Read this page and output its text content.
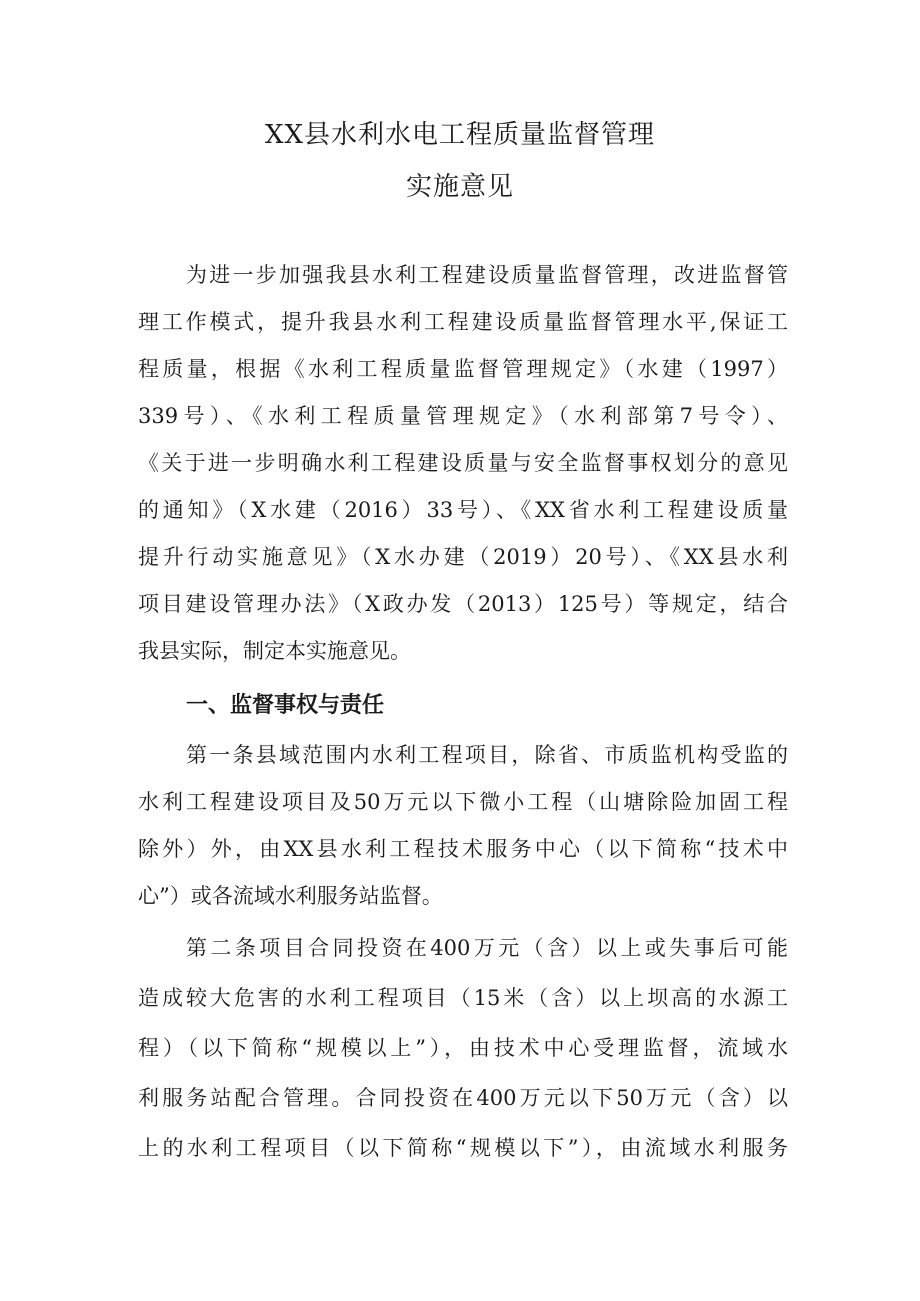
XX县水利水电工程质量监督管理
实施意见
为进一步加强我县水利工程建设质量监督管理，改进监督管
理工作模式，提升我县水利工程建设质量监督管理水平,保证工
程质量，根据《水利工程质量监督管理规定》（水建（1997）
339号）、《水利工程质量管理规定》（水利部第7号令）、
《关于进一步明确水利工程建设质量与安全监督事权划分的意见
的通知》（X水建（2016）33号）、《XX省水利工程建设质量
提升行动实施意见》（X水办建（2019）20号）、《XX县水利
项目建设管理办法》（X政办发（2013）125号）等规定，结合
我县实际，制定本实施意见。
一、监督事权与责任
第一条县域范围内水利工程项目，除省、市质监机构受监的
水利工程建设项目及50万元以下微小工程（山塘除险加固工程
除外）外，由XX县水利工程技术服务中心（以下简称“技术中
心”）或各流域水利服务站监督。
第二条项目合同投资在400万元（含）以上或失事后可能
造成较大危害的水利工程项目（15米（含）以上坝高的水源工
程）（以下简称“规模以上”），由技术中心受理监督，流域水
利服务站配合管理。合同投资在400万元以下50万元（含）以
上的水利工程项目（以下简称“规模以下”），由流域水利服务
